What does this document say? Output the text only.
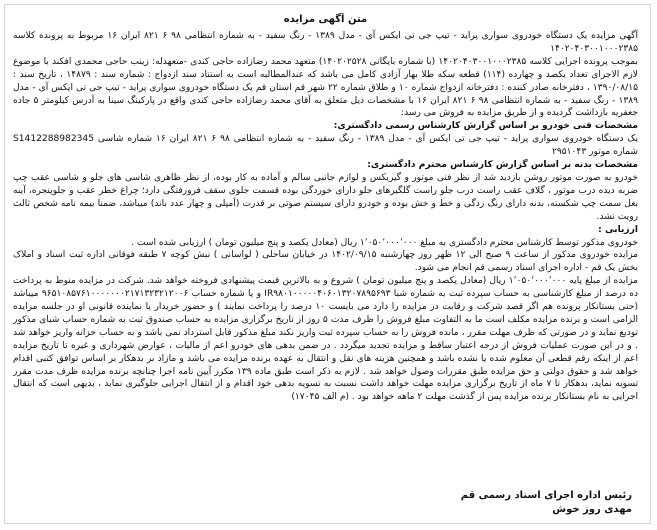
متن آگهی مزایده

آگهی مزایده یک دستگاه خودروی سواری پراید - تیپ جی تی ایکس آی - مدل ۱۳۸۹ - رنگ سفید - به شماره انتظامی ۹۸ ۶ ۸۲۱ ایران ۱۶ مربوط به پرونده کلاسه ۱۴۰۲۰۴۰۳۰۰۱۰۰۰۲۳۸۵

بموجب پرونده اجرایی کلاسه ۱۴۰۲۰۴۰۳۰۰۱۰۰۰۲۳۸۵ (با شماره بایگانی ۱۴۰۲۰۲۵۲۸) متعهد محمد رضازاده حاجی کندی -متعهدله: زینب حاجی محمدی افکند با موضوع لازم الاجرای تعداد یکصد و چهارده (۱۱۴) قطعه سکه طلا بهار آزادی کامل می باشد که عندالمطالبه است به استناد سند ازدواج : شماره سند : ۱۴۸۷۹ ، تاریخ سند : ۱۳۹۰/۰۸/۱۵ ، دفترخانه صادر کننده : دفترخانه ازدواج شماره ۱۰ و طلاق شماره ۲۲ شهر قم استان قم یک دستگاه خودروی سواری پراید - تیپ جی تی ایکس آی - مدل ۱۳۸۹ - رنگ سفید - به شماره انتظامی ۹۸ ۶ ۸۲۱ ایران ۱۶ با مشخصات ذیل متعلق به آقای محمد رضازاده حاجی کندی واقع در پارکینگ سینا به آدرس کیلومتر ۵ جاده جعفریه بازداشت گردیده و از طریق مزایده به فروش می رسد:

مشخصات فنی خودرو بر اساس گزارش کارشناس رسمی دادگستری:

یک دستگاه خودروی سواری پراید - تیپ جی تی ایکس آی - مدل ۱۳۸۹ - رنگ سفید - به شماره انتظامی ۹۸ ۶ ۸۲۱ ایران ۱۶ شماره شاسی S1412288982345 شماره موتور ۲۹۵۱۰۴۳

مشخصات بدنه بر اساس گزارش کارشناس محترم دادگستری:

خودرو به صورت موتور روشن بازدید شد از نظر فنی موتور و گیربکس و لوازم جانبی سالم و آماده به کار بوده، از نظر ظاهری شاسی های جلو و شاسی عقب چپ ضربه دیده درب موتور ، گلاف عقب راست درب جلو راست گلگیرهای جلو دارای خوردگی بوده قسمت جلوی سقف فرورفتگی دارد؛ چراغ خطر عقب و جلوپنجره، آینه بغل سمت چپ شکسته، بدنه دارای رنگ زدگی و خط و خش بوده و خودرو دارای سیستم صوتی بر قدرت (آمپلی و چهار عدد باند) میباشد، ضمنا بیمه نامه شخص ثالث رویت نشد.

ارزیابی :

خودروی مذکور توسط کارشناس محترم دادگستری به مبلغ ۱٬۰۵۰٬۰۰۰٬۰۰۰ ریال (معادل یکصد و پنج میلیون تومان ) ارزیابی شده است .

مزایده خودروی مذکور از ساعت ۹ صبح الی ۱۲ ظهر روز چهارشنبه ۱۴۰۲/۰۹/۱۵ در خیابان ساحلی ( لواسانی ) نبش کوچه ۷ طبقه فوقانی اداره ثبت اسناد و املاک بخش یک قم - اداره اجرای اسناد رسمی قم انجام می شود.

مزایده از مبلغ پایه ۱٬۰۵۰٬۰۰۰٬۰۰۰ ریال (معادل یکصد و پنج میلیون تومان ) شروع و به بالاترین قیمت پیشنهادی فروخته خواهد شد. شرکت در مزایده منوط به پرداخت ده درصد از مبلغ کارشناسی به حساب سپرده ثبت به شماره شبا IR۹۸۰۱۰۰۰۰۰۴۰۶۰۱۳۲۰۷۸۹۵۶۹۳ و یا شماره حساب ۹۶۵۱۰۸۵۷۶۱۰۰۰۰۰۰۰۲۱۷۱۳۲۳۲۱۲۰۰۶ میباشد (حتی بستانکار پرونده هم اگر قصد شرکت و رقابت در مزایده را دارد می بایست ۱۰ درصد را پرداخت نمایند ) و حضور خریدار یا نماینده قانونی او در جلسه مزایده الزامی است و برنده مزایده مکلف است ما به التفاوت مبلغ فروش را ظرف مدت ۵ روز از تاریخ برگزاری مزایده به حساب صندوق ثبت به شماره حساب شبای مذکور تودیع نماید و در صورتی که ظرف مهلت مقرر ، مانده فروش را به حساب سپرده ثبت واریز نکند مبلغ مذکور قابل استرداد نمی باشد و به حساب خزانه واریز خواهد شد . و در این صورت عملیات فروش از درجه اعتبار ساقط و مزایده تجدید میگردد . در ضمن بدهی های خودرو اعم از مالیات ، عوارض شهرداری و غیره تا تاریخ مزایده اعم از اینکه رقم قطعی آن معلوم شده یا نشده باشد و همچنین هزینه های نقل و انتقال به عهده برنده مزایده می باشد و مازاد بر بدهکار بر اساس توافق کتبی اقدام خواهد شد و حقوق دولتی و حق مزایده طبق مقررات وصول خواهد شد . لازم به ذکر است طبق ماده ۱۳۹ مکرر آیین نامه اجرا چنانچه برنده مزایده ظرف مدت مقرر تسویه نماید، بدهکار تا ۷ ماه از تاریخ برگزاری مزایده مهلت خواهد داشت نسبت به تسویه بدهی خود اقدام و از انتقال اجرایی جلوگیری نماید ، بدیهی است که انتقال اجرایی به نام بستانکار برنده مزایده پس از گذشت مهلت ۲ ماهه خواهد بود . (م الف ۱۷۰۴۵)

رئیس اداره اجرای اسناد رسمی قم
مهدی روز خوش
